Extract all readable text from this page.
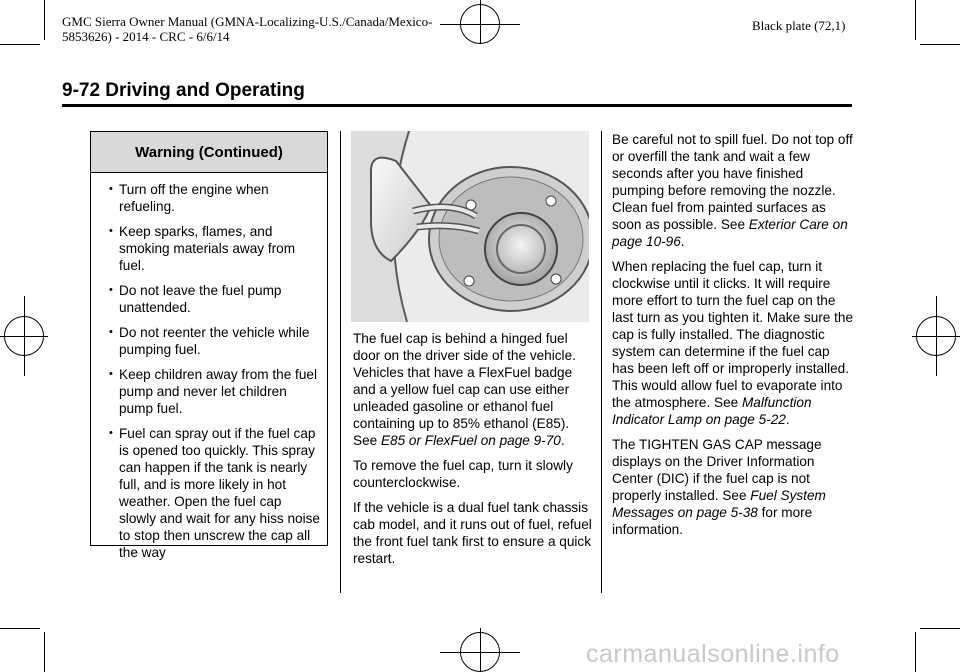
GMC Sierra Owner Manual (GMNA-Localizing-U.S./Canada/Mexico-
5853626) - 2014 - CRC - 6/6/14
Black plate (72,1)
9-72 Driving and Operating
Warning (Continued)
• Turn off the engine when refueling.
• Keep sparks, flames, and smoking materials away from fuel.
• Do not leave the fuel pump unattended.
• Do not reenter the vehicle while pumping fuel.
• Keep children away from the fuel pump and never let children pump fuel.
• Fuel can spray out if the fuel cap is opened too quickly. This spray can happen if the tank is nearly full, and is more likely in hot weather. Open the fuel cap slowly and wait for any hiss noise to stop then unscrew the cap all the way

The fuel cap is behind a hinged fuel door on the driver side of the vehicle. Vehicles that have a FlexFuel badge and a yellow fuel cap can use either unleaded gasoline or ethanol fuel containing up to 85% ethanol (E85). See E85 or FlexFuel on page 9-70.

To remove the fuel cap, turn it slowly counterclockwise.

If the vehicle is a dual fuel tank chassis cab model, and it runs out of fuel, refuel the front fuel tank first to ensure a quick restart.

Be careful not to spill fuel. Do not top off or overfill the tank and wait a few seconds after you have finished pumping before removing the nozzle. Clean fuel from painted surfaces as soon as possible. See Exterior Care on page 10-96.

When replacing the fuel cap, turn it clockwise until it clicks. It will require more effort to turn the fuel cap on the last turn as you tighten it. Make sure the cap is fully installed. The diagnostic system can determine if the fuel cap has been left off or improperly installed. This would allow fuel to evaporate into the atmosphere. See Malfunction Indicator Lamp on page 5-22.

The TIGHTEN GAS CAP message displays on the Driver Information Center (DIC) if the fuel cap is not properly installed. See Fuel System Messages on page 5-38 for more information.

carmanualsonline.info
